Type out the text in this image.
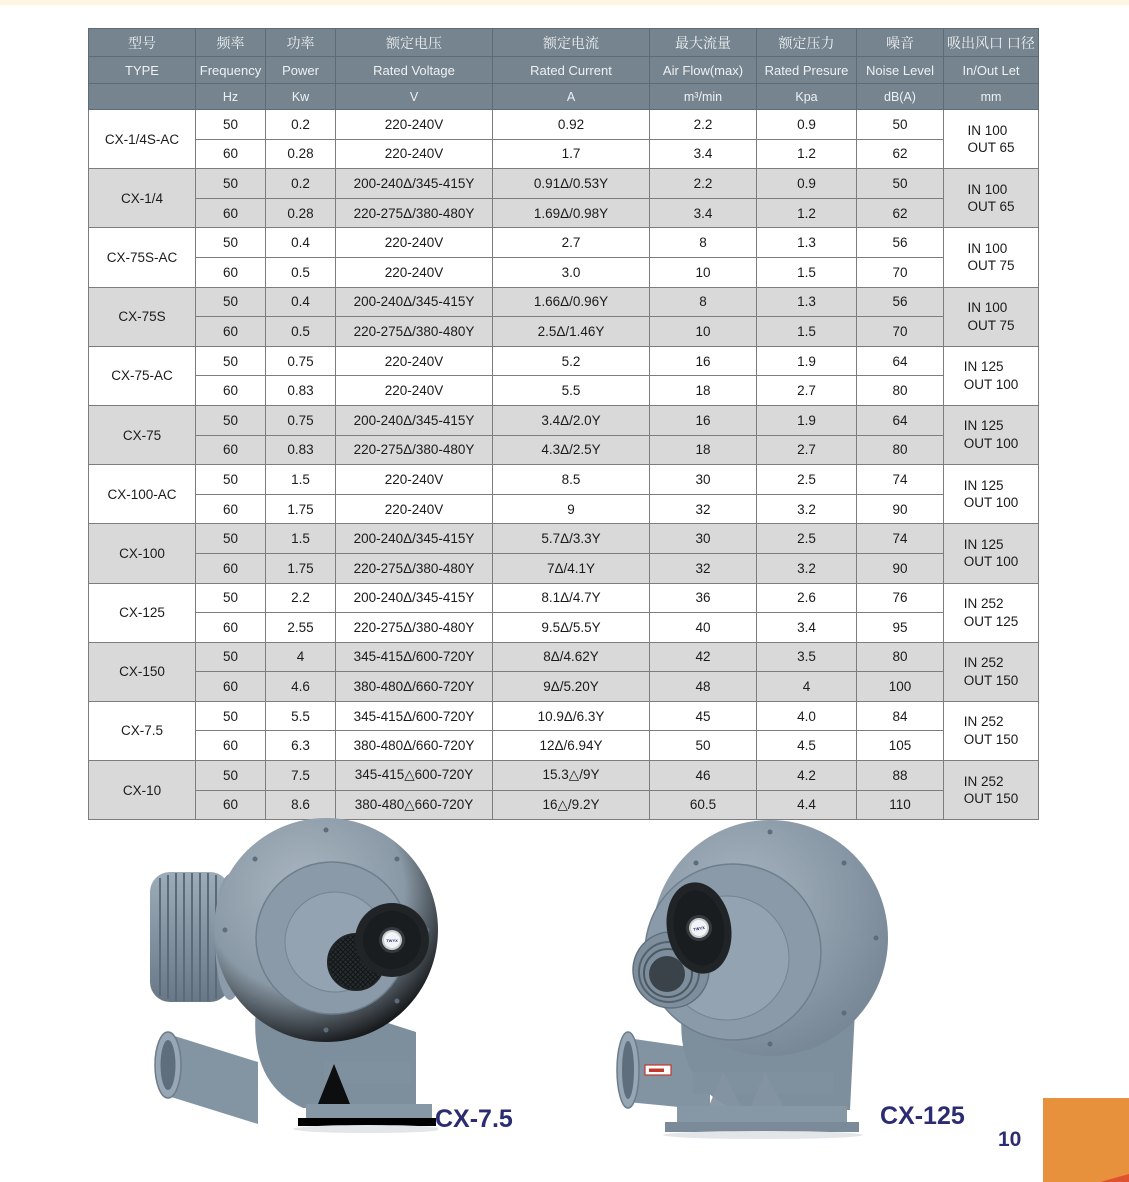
型号	频率	功率	额定电压	额定电流	最大流量	额定压力	噪音	吸出风口 口径
TYPE	Frequency	Power	Rated Voltage	Rated Current	Air Flow(max)	Rated Presure	Noise Level	In/Out Let
	Hz	Kw	V	A	m³/min	Kpa	dB(A)	mm
CX-1/4S-AC	50	0.2	220-240V	0.92	2.2	0.9	50	IN 100
OUT 65

	60	0.28	220-240V	1.7	3.4	1.2	62	
CX-1/4	50	0.2	200-240Δ/345-415Y	0.91Δ/0.53Y	2.2	0.9	50	IN 100
OUT 65

	60	0.28	220-275Δ/380-480Y	1.69Δ/0.98Y	3.4	1.2	62	
CX-75S-AC	50	0.4	220-240V	2.7	8	1.3	56	IN 100
OUT 75

	60	0.5	220-240V	3.0	10	1.5	70	
CX-75S	50	0.4	200-240Δ/345-415Y	1.66Δ/0.96Y	8	1.3	56	IN 100
OUT 75

	60	0.5	220-275Δ/380-480Y	2.5Δ/1.46Y	10	1.5	70	
CX-75-AC	50	0.75	220-240V	5.2	16	1.9	64	IN 125
OUT 100

	60	0.83	220-240V	5.5	18	2.7	80	
CX-75	50	0.75	200-240Δ/345-415Y	3.4Δ/2.0Y	16	1.9	64	IN 125
OUT 100

	60	0.83	220-275Δ/380-480Y	4.3Δ/2.5Y	18	2.7	80	
CX-100-AC	50	1.5	220-240V	8.5	30	2.5	74	IN 125
OUT 100

	60	1.75	220-240V	9	32	3.2	90	
CX-100	50	1.5	200-240Δ/345-415Y	5.7Δ/3.3Y	30	2.5	74	IN 125
OUT 100

	60	1.75	220-275Δ/380-480Y	7Δ/4.1Y	32	3.2	90	
CX-125	50	2.2	200-240Δ/345-415Y	8.1Δ/4.7Y	36	2.6	76	IN 252
OUT 125

	60	2.55	220-275Δ/380-480Y	9.5Δ/5.5Y	40	3.4	95	
CX-150	50	4	345-415Δ/600-720Y	8Δ/4.62Y	42	3.5	80	IN 252
OUT 150

	60	4.6	380-480Δ/660-720Y	9Δ/5.20Y	48	4	100	
CX-7.5	50	5.5	345-415Δ/600-720Y	10.9Δ/6.3Y	45	4.0	84	IN 252
OUT 150

	60	6.3	380-480Δ/660-720Y	12Δ/6.94Y	50	4.5	105	
CX-10	50	7.5	345-415△600-720Y	15.3△/9Y	46	4.2	88	IN 252
OUT 150

	60	8.6	380-480△660-720Y	16△/9.2Y	60.5	4.4	110	
TWYX
TWYX
CX-7.5	CX-125
10
